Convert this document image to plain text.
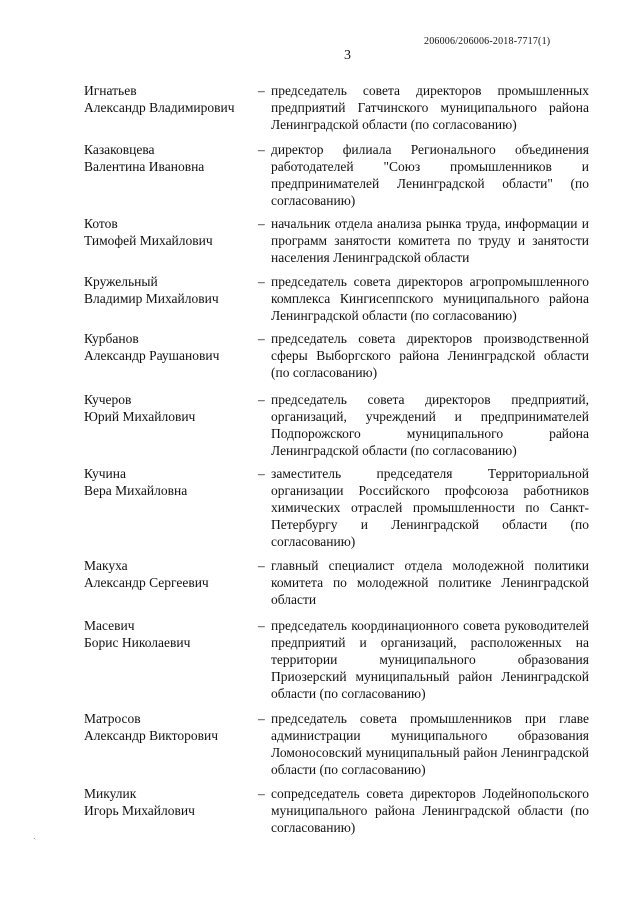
206006/206006-2018-7717(1)
3
Игнатьев
Александр Владимирович
– председатель совета директоров промышленных предприятий Гатчинского муниципального района Ленинградской области (по согласованию)
Казаковцева
Валентина Ивановна
– директор филиала Регионального объединения работодателей "Союз промышленников и предпринимателей Ленинградской области" (по согласованию)
Котов
Тимофей Михайлович
– начальник отдела анализа рынка труда, информации и программ занятости комитета по труду и занятости населения Ленинградской области
Кружельный
Владимир Михайлович
– председатель совета директоров агропромышленного комплекса Кингисеппского муниципального района Ленинградской области (по согласованию)
Курбанов
Александр Раушанович
– председатель совета директоров производственной сферы Выборгского района Ленинградской области (по согласованию)
Кучеров
Юрий Михайлович
– председатель совета директоров предприятий, организаций, учреждений и предпринимателей Подпорожского муниципального района Ленинградской области (по согласованию)
Кучина
Вера Михайловна
– заместитель председателя Территориальной организации Российского профсоюза работников химических отраслей промышленности по Санкт-Петербургу и Ленинградской области (по согласованию)
Макуха
Александр Сергеевич
– главный специалист отдела молодежной политики комитета по молодежной политике Ленинградской области
Масевич
Борис Николаевич
– председатель координационного совета руководителей предприятий и организаций, расположенных на территории муниципального образования Приозерский муниципальный район Ленинградской области (по согласованию)
Матросов
Александр Викторович
– председатель совета промышленников при главе администрации муниципального образования Ломоносовский муниципальный район Ленинградской области (по согласованию)
Микулик
Игорь Михайлович
– сопредседатель совета директоров Лодейнопольского муниципального района Ленинградской области (по согласованию)
ˎ
